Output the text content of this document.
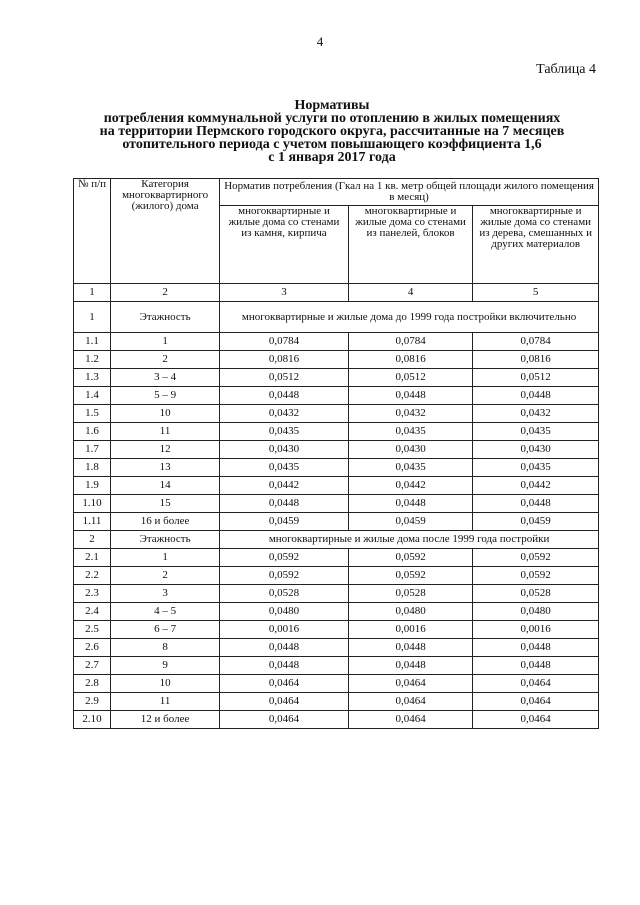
4
Таблица 4
Нормативы
потребления коммунальной услуги по отоплению в жилых помещениях
на территории Пермского городского округа, рассчитанные на 7 месяцев
отопительного периода с учетом повышающего коэффициента 1,6
с 1 января 2017 года
№ п/п	Категория многоквартирного (жилого) дома	Норматив потребления (Гкал на 1 кв. метр общей площади жилого помещения в месяц)		
		многоквартирные и жилые дома со стенами из камня, кирпича	многоквартирные и жилые дома со стенами из панелей, блоков	многоквартирные и жилые дома со стенами из дерева, смешанных и других материалов
1	2	3	4	5
1	Этажность	многоквартирные и жилые дома до 1999 года постройки включительно		
1.1	1	0,0784	0,0784	0,0784
1.2	2	0,0816	0,0816	0,0816
1.3	3 – 4	0,0512	0,0512	0,0512
1.4	5 – 9	0,0448	0,0448	0,0448
1.5	10	0,0432	0,0432	0,0432
1.6	11	0,0435	0,0435	0,0435
1.7	12	0,0430	0,0430	0,0430
1.8	13	0,0435	0,0435	0,0435
1.9	14	0,0442	0,0442	0,0442
1.10	15	0,0448	0,0448	0,0448
1.11	16 и более	0,0459	0,0459	0,0459
2	Этажность	многоквартирные и жилые дома после 1999 года постройки		
2.1	1	0,0592	0,0592	0,0592
2.2	2	0,0592	0,0592	0,0592
2.3	3	0,0528	0,0528	0,0528
2.4	4 – 5	0,0480	0,0480	0,0480
2.5	6 – 7	0,0016	0,0016	0,0016
2.6	8	0,0448	0,0448	0,0448
2.7	9	0,0448	0,0448	0,0448
2.8	10	0,0464	0,0464	0,0464
2.9	11	0,0464	0,0464	0,0464
2.10	12 и более	0,0464	0,0464	0,0464
